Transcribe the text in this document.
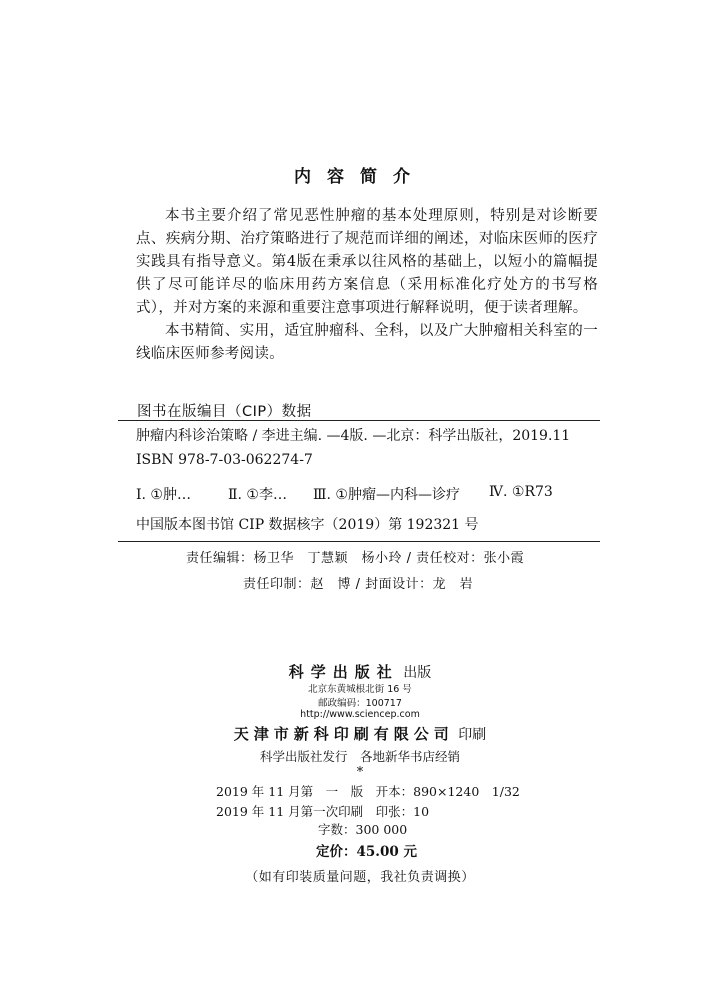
内容简介

本书主要介绍了常见恶性肿瘤的基本处理原则，特别是对诊断要点、疾病分期、治疗策略进行了规范而详细的阐述，对临床医师的医疗实践具有指导意义。第4版在秉承以往风格的基础上，以短小的篇幅提供了尽可能详尽的临床用药方案信息（采用标准化疗处方的书写格式），并对方案的来源和重要注意事项进行解释说明，便于读者理解。

本书精简、实用，适宜肿瘤科、全科，以及广大肿瘤相关科室的一线临床医师参考阅读。

图书在版编目（CIP）数据
肿瘤内科诊治策略 / 李进主编. —4版. —北京：科学出版社，2019.11
ISBN 978-7-03-062274-7
Ⅰ. ①肿…	Ⅱ. ①李… Ⅲ. ①肿瘤—内科—诊疗 Ⅳ. ①R73
中国版本图书馆 CIP 数据核字（2019）第 192321 号
责任编辑：杨卫华　丁慧颖　杨小玲 / 责任校对：张小霞
责任印制：赵　博 / 封面设计：龙　岩
科学出版社 出版
北京东黄城根北街 16 号
邮政编码：100717
http://www.sciencep.com
天津市新科印刷有限公司 印刷
科学出版社发行　各地新华书店经销
*
2019 年 11 月第　一　版　开本：890×1240　1/32
2019 年 11 月第一次印刷　印张：10
字数：300 000
定价：45.00 元
（如有印装质量问题，我社负责调换）
